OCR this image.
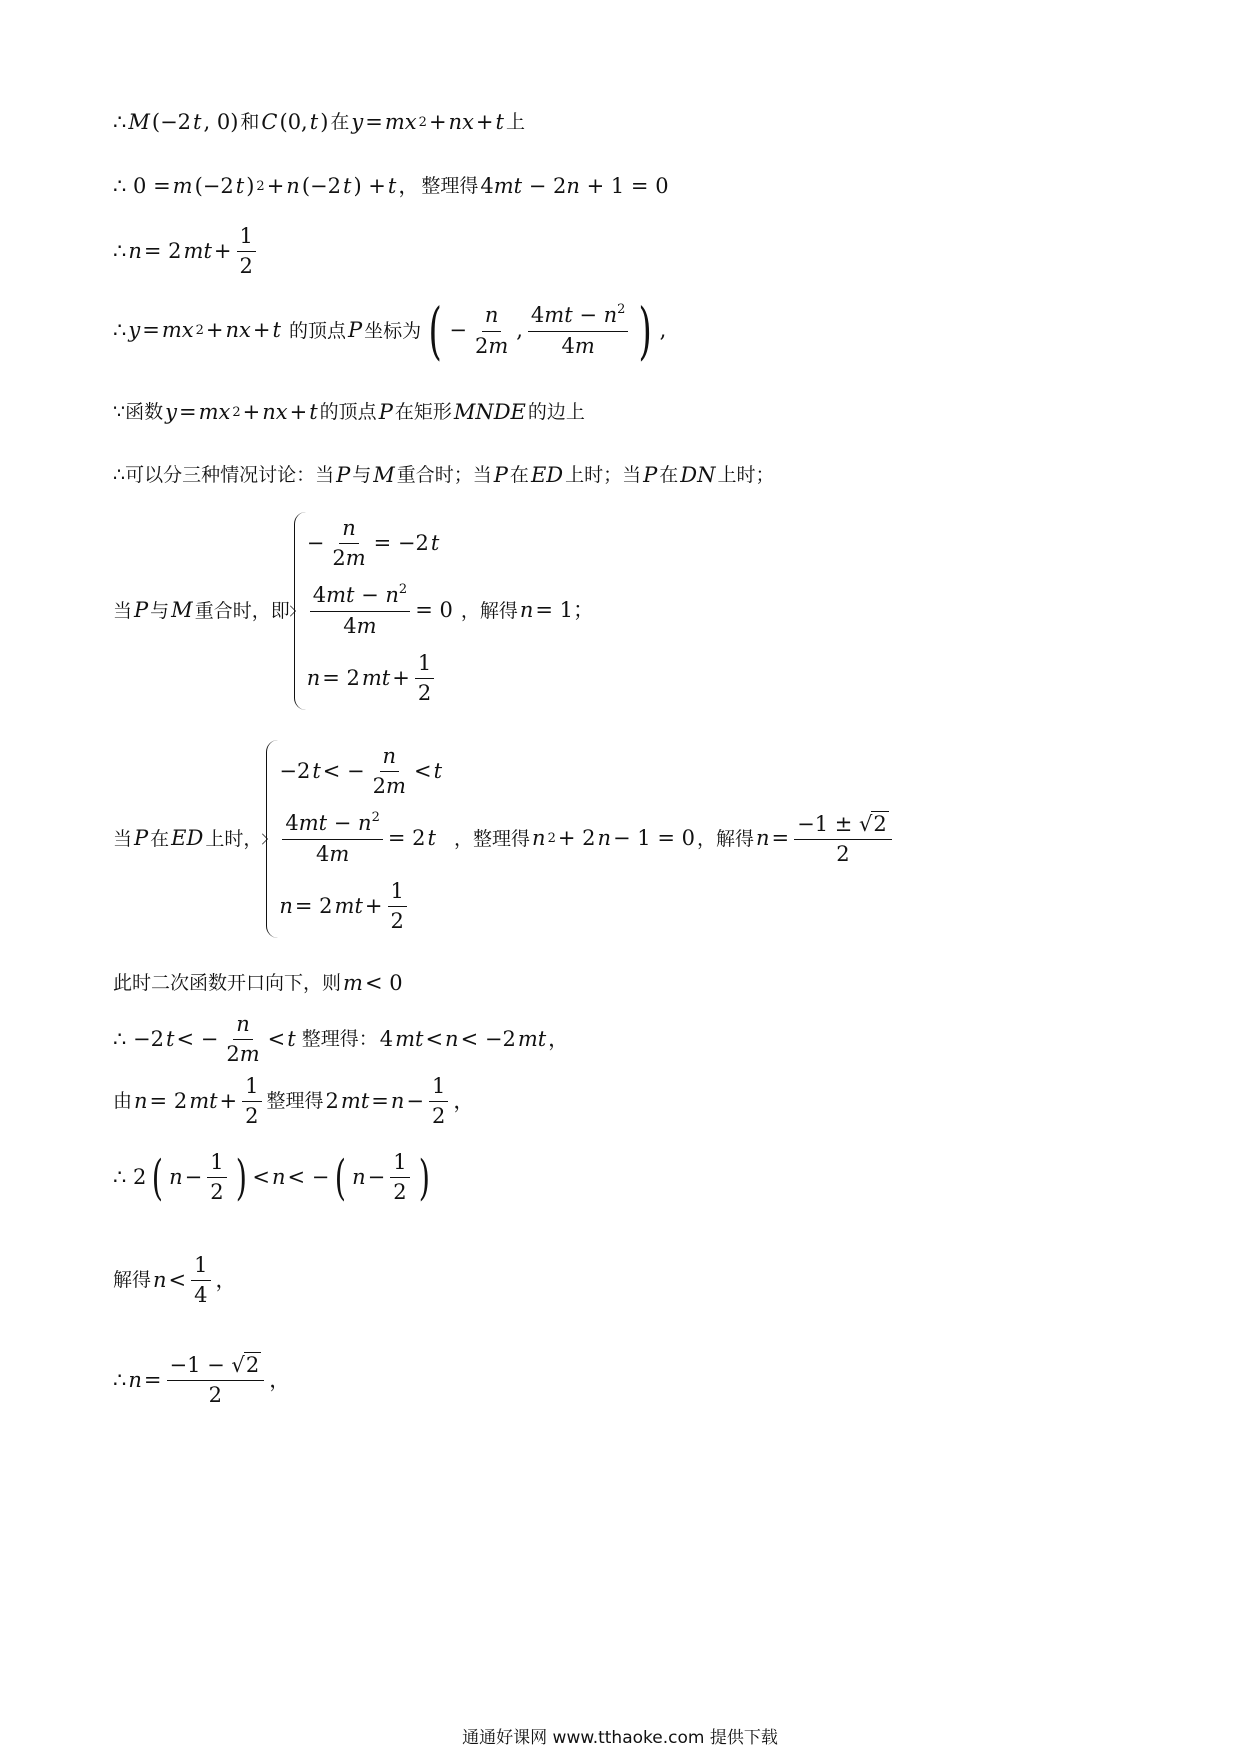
∴ M (−2 t , 0) 和 C (0, t ) 在 y = mx 2 + nx + t 上
∴ 0 = m (−2 t ) 2 + n (−2 t ) + t ， 整理得 4mt − 2n + 1 = 0
∴ n = 2 mt + $\frac{1}{2}$
∴ y = mx 2 + nx + t 的顶点 P 坐标为 ( − $\frac{n}{2m}$ , $\frac{4mt - n^2}{4m}$ ) ,
∵函数 y = mx 2 + nx + t 的顶点 P 在矩形 MNDE 的边上
∴可以分三种情况讨论：当 P 与 M 重合时；当 P 在 ED 上时；当 P 在 DN 上时；
当 P 与 M 重合时，即
− $\frac{n}{2m} = -2$ t
$\frac{4mt - n^2}{4m} = 0$
n = 2 mt + $\frac{1}{2}$
，解得 n = 1；
当 P 在 ED 上时，
−2 t < − $\frac{n}{2m} < t$
$\frac{4mt - n^2}{4m} = 2$ t
n = 2 mt + $\frac{1}{2}$
，整理得 n 2 + 2 n − 1 = 0 ，解得 $n = \frac{-1 \pm √ 2}{2}$
此时二次函数开口向下，则 m < 0
∴ −2 t < − $\frac{n}{2m} < t$ 整理得： 4 mt < n < −2 mt ，
由 n = 2 mt + $\frac{1}{2}$ 整理得 2 mt = $n - \frac{1}{2}$ ，
∴ 2 ( $n - \frac{1}{2}$ ) < n < − ( $n - \frac{1}{2}$ )
解得 $n < \frac{1}{4}$ ，
∴ $n = \frac{-1 - √ 2}{2}$ ，
通通好课网 www.tthaoke.com 提供下载
